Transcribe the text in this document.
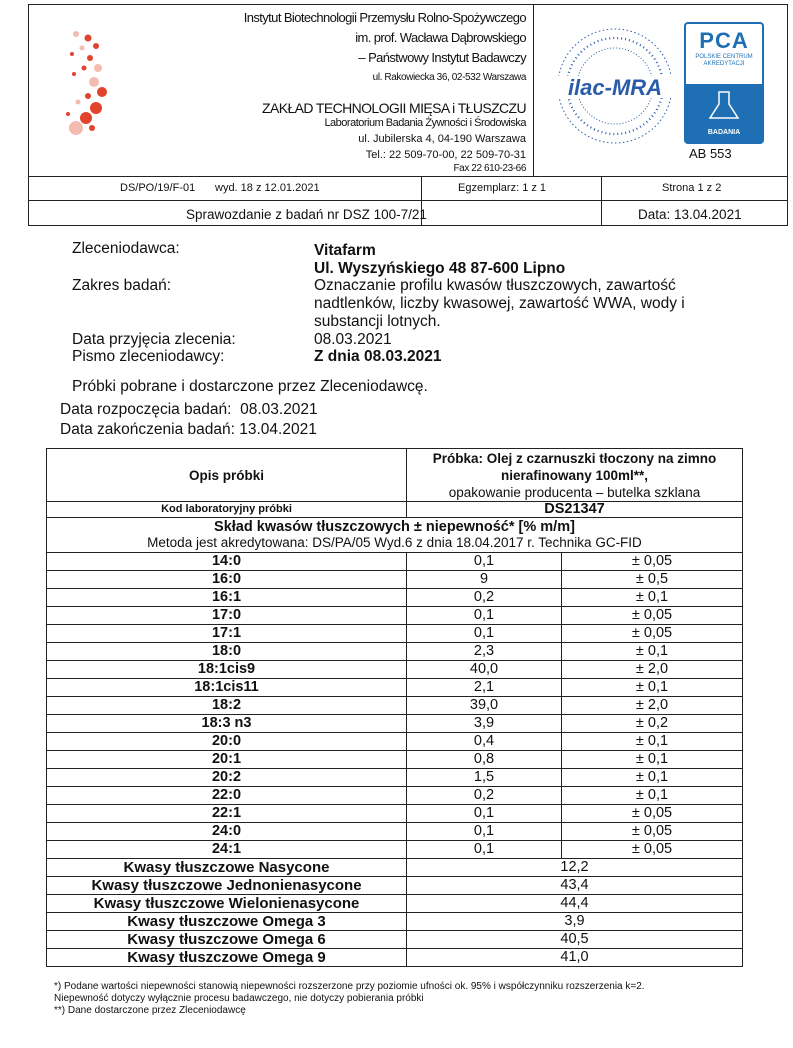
Instytut Biotechnologii Przemysłu Rolno-Spożywczego
im. prof. Wacława Dąbrowskiego
– Państwowy Instytut Badawczy
ul. Rakowiecka 36, 02-532 Warszawa
ZAKŁAD TECHNOLOGII MIĘSA i TŁUSZCZU
Laboratorium Badania Żywności i Środowiska
ul. Jubilerska 4, 04-190 Warszawa
Tel.: 22 509-70-00, 22 509-70-31
Fax 22 610-23-66
ilac-MRA
PCA
POLSKIE CENTRUM
AKREDYTACJI
BADANIA
AB 553
DS/PO/19/F-01 wyd. 18 z 12.01.2021	Egzemplarz: 1 z 1	Strona 1 z 2
Sprawozdanie z badań nr DSZ 100-7/21	Data: 13.04.2021
Zleceniodawca:	Vitafarm
Ul. Wyszyńskiego 48 87-600 Lipno
Zakres badań:	Oznaczanie profilu kwasów tłuszczowych, zawartość
nadtlenków, liczby kwasowej, zawartość WWA, wody i
substancji lotnych.
Data przyjęcia zlecenia:	08.03.2021
Pismo zleceniodawcy:	Z dnia 08.03.2021
Próbki pobrane i dostarczone przez Zleceniodawcę.
Data rozpoczęcia badań: 08.03.2021
Data zakończenia badań: 13.04.2021
Opis próbki	Próbka: Olej z czarnuszki tłoczony na zimno
nierafinowany 100ml**,
opakowanie producenta – butelka szklana	

Kod laboratoryjny próbki	DS21347	

Skład kwasów tłuszczowych ± niepewność* [% m/m]
Metoda jest akredytowana: DS/PA/05 Wyd.6 z dnia 18.04.2017 r. Technika GC-FID		

14:0	0,1	± 0,05
16:0	9	± 0,5
16:1	0,2	± 0,1
17:0	0,1	± 0,05
17:1	0,1	± 0,05
18:0	2,3	± 0,1
18:1cis9	40,0	± 2,0
18:1cis11	2,1	± 0,1
18:2	39,0	± 2,0
18:3 n3	3,9	± 0,2
20:0	0,4	± 0,1
20:1	0,8	± 0,1
20:2	1,5	± 0,1
22:0	0,2	± 0,1
22:1	0,1	± 0,05
24:0	0,1	± 0,05
24:1	0,1	± 0,05
Kwasy tłuszczowe Nasycone	12,2	
Kwasy tłuszczowe Jednonienasycone	43,4	
Kwasy tłuszczowe Wielonienasycone	44,4	
Kwasy tłuszczowe Omega 3	3,9	
Kwasy tłuszczowe Omega 6	40,5	
Kwasy tłuszczowe Omega 9	41,0	
*) Podane wartości niepewności stanowią niepewności rozszerzone przy poziomie ufności ok. 95% i współczynniku rozszerzenia k=2.
Niepewność dotyczy wyłącznie procesu badawczego, nie dotyczy pobierania próbki
**) Dane dostarczone przez Zleceniodawcę
